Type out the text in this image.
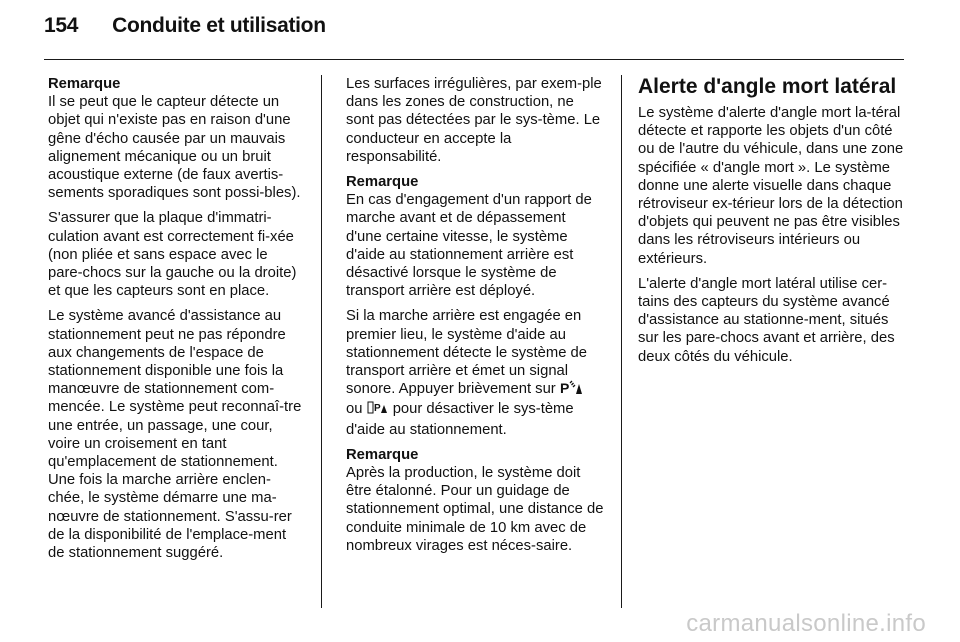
154 Conduite et utilisation
Remarque

Il se peut que le capteur détecte un objet qui n'existe pas en raison d'une gêne d'écho causée par un mauvais alignement mécanique ou un bruit acoustique externe (de faux avertis-sements sporadiques sont possi-bles).

S'assurer que la plaque d'immatri-culation avant est correctement fi-xée (non pliée et sans espace avec le pare-chocs sur la gauche ou la droite) et que les capteurs sont en place.

Le système avancé d'assistance au stationnement peut ne pas répondre aux changements de l'espace de stationnement disponible une fois la manœuvre de stationnement com-mencée. Le système peut reconnaî-tre une entrée, un passage, une cour, voire un croisement en tant qu'emplacement de stationnement. Une fois la marche arrière enclen-chée, le système démarre une ma-nœuvre de stationnement. S'assu-rer de la disponibilité de l'emplace-ment de stationnement suggéré.

Les surfaces irrégulières, par exem-ple dans les zones de construction, ne sont pas détectées par le sys-tème. Le conducteur en accepte la responsabilité.

Remarque

En cas d'engagement d'un rapport de marche avant et de dépassement d'une certaine vitesse, le système d'aide au stationnement arrière est désactivé lorsque le système de transport arrière est déployé.

Si la marche arrière est engagée en premier lieu, le système d'aide au stationnement détecte le système de transport arrière et émet un signal sonore. Appuyer brièvement sur P
ou P pour désactiver le sys-tème d'aide au stationnement.

Remarque

Après la production, le système doit être étalonné. Pour un guidage de stationnement optimal, une distance de conduite minimale de 10 km avec de nombreux virages est néces-saire.

Alerte d'angle mort latéral

Le système d'alerte d'angle mort la-téral détecte et rapporte les objets d'un côté ou de l'autre du véhicule, dans une zone spécifiée « d'angle mort ». Le système donne une alerte visuelle dans chaque rétroviseur ex-térieur lors de la détection d'objets qui peuvent ne pas être visibles dans les rétroviseurs intérieurs ou extérieurs.

L'alerte d'angle mort latéral utilise cer-tains des capteurs du système avancé d'assistance au stationne-ment, situés sur les pare-chocs avant et arrière, des deux côtés du véhicule.

carmanualsonline.info
